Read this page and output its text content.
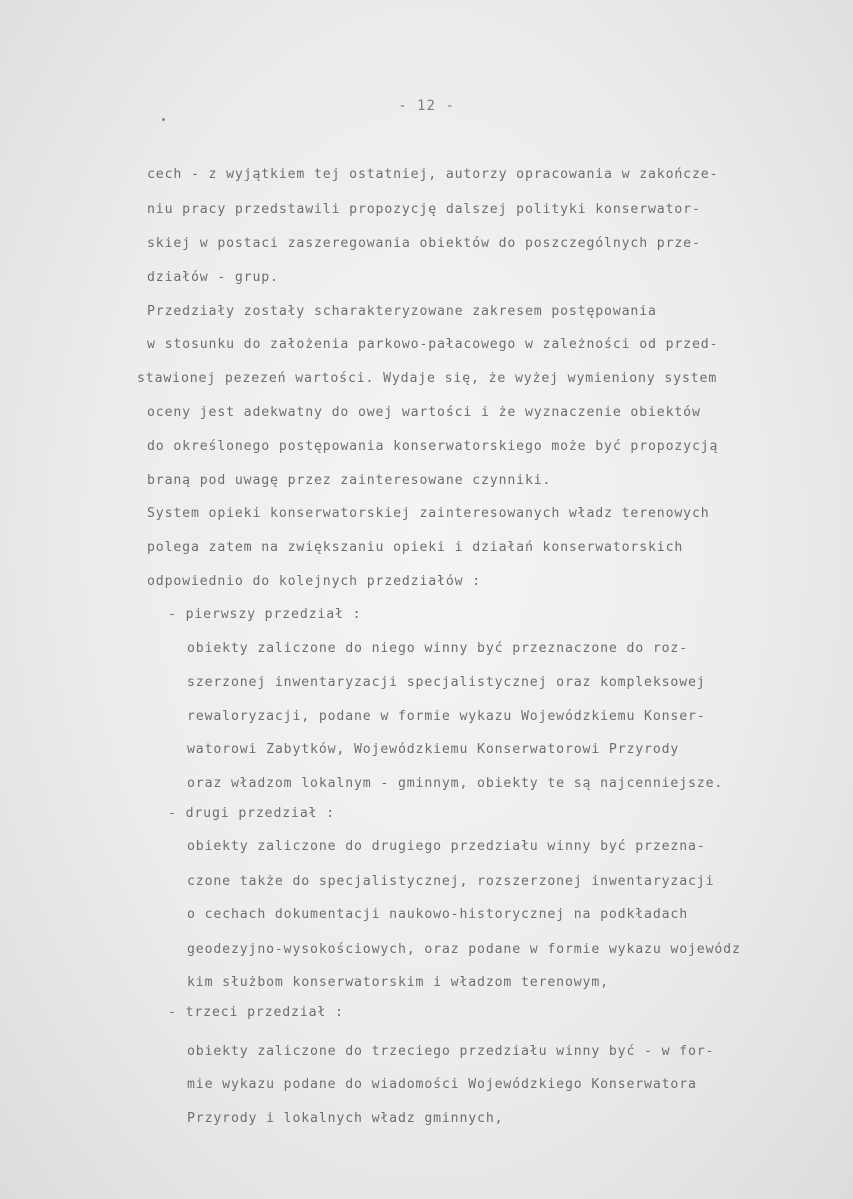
- 12 -
cech - z wyjątkiem tej ostatniej, autorzy opracowania w zakończe-
niu pracy przedstawili propozycję dalszej polityki konserwator-
skiej w postaci zaszeregowania obiektów do poszczególnych prze-
działów - grup.
Przedziały zostały scharakteryzowane zakresem postępowania
w stosunku do założenia parkowo-pałacowego w zależności od przed-
stawionej pezezeń wartości. Wydaje się, że wyżej wymieniony system
oceny jest adekwatny do owej wartości i że wyznaczenie obiektów
do określonego postępowania konserwatorskiego może być propozycją
braną pod uwagę przez zainteresowane czynniki.
System opieki konserwatorskiej zainteresowanych władz terenowych
polega zatem na zwiększaniu opieki i działań konserwatorskich
odpowiednio do kolejnych przedziałów :
- pierwszy przedział :
obiekty zaliczone do niego winny być przeznaczone do roz-
szerzonej inwentaryzacji specjalistycznej oraz kompleksowej
rewaloryzacji, podane w formie wykazu Wojewódzkiemu Konser-
watorowi Zabytków, Wojewódzkiemu Konserwatorowi Przyrody
oraz władzom lokalnym - gminnym, obiekty te są najcenniejsze.
- drugi przedział :
obiekty zaliczone do drugiego przedziału winny być przezna-
czone także do specjalistycznej, rozszerzonej inwentaryzacji
o cechach dokumentacji naukowo-historycznej na podkładach
geodezyjno-wysokościowych, oraz podane w formie wykazu wojewódz
kim służbom konserwatorskim i władzom terenowym,
- trzeci przedział :
obiekty zaliczone do trzeciego przedziału winny być - w for-
mie wykazu podane do wiadomości Wojewódzkiego Konserwatora
Przyrody i lokalnych władz gminnych,
